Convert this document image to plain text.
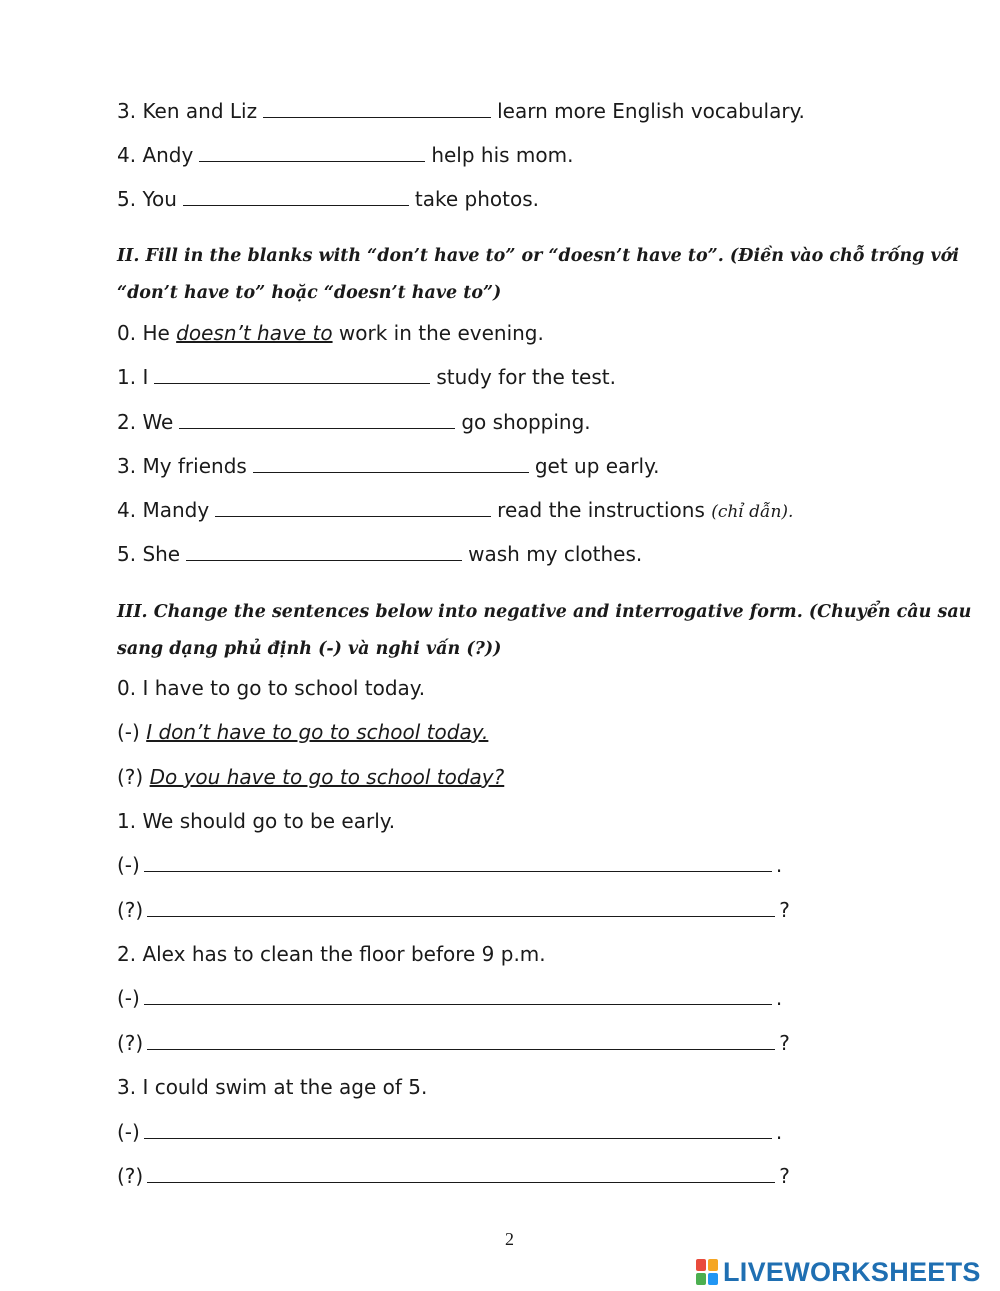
3. Ken and Liz	learn more English vocabulary.
4. Andy	help his mom.
5. You	take photos.
II. Fill in the blanks with “don’t have to” or “doesn’t have to”. (Điền vào chỗ trống với
“don’t have to” hoặc “doesn’t have to”)
0. He doesn’t have to work in the evening.
1. I	study for the test.
2. We	go shopping.
3. My friends	get up early.
4. Mandy	read the instructions (chỉ dẫn).
5. She	wash my clothes.
III. Change the sentences below into negative and interrogative form. (Chuyển câu sau
sang dạng phủ định (-) và nghi vấn (?))
0. I have to go to school today.
(-) I don’t have to go to school today.
(?) Do you have to go to school today?
1. We should go to be early.
(-)	.
(?)	?
2. Alex has to clean the floor before 9 p.m.
(-)	.
(?)	?
3. I could swim at the age of 5.
(-)	.
(?)	?
2
LIVEWORKSHEETS
